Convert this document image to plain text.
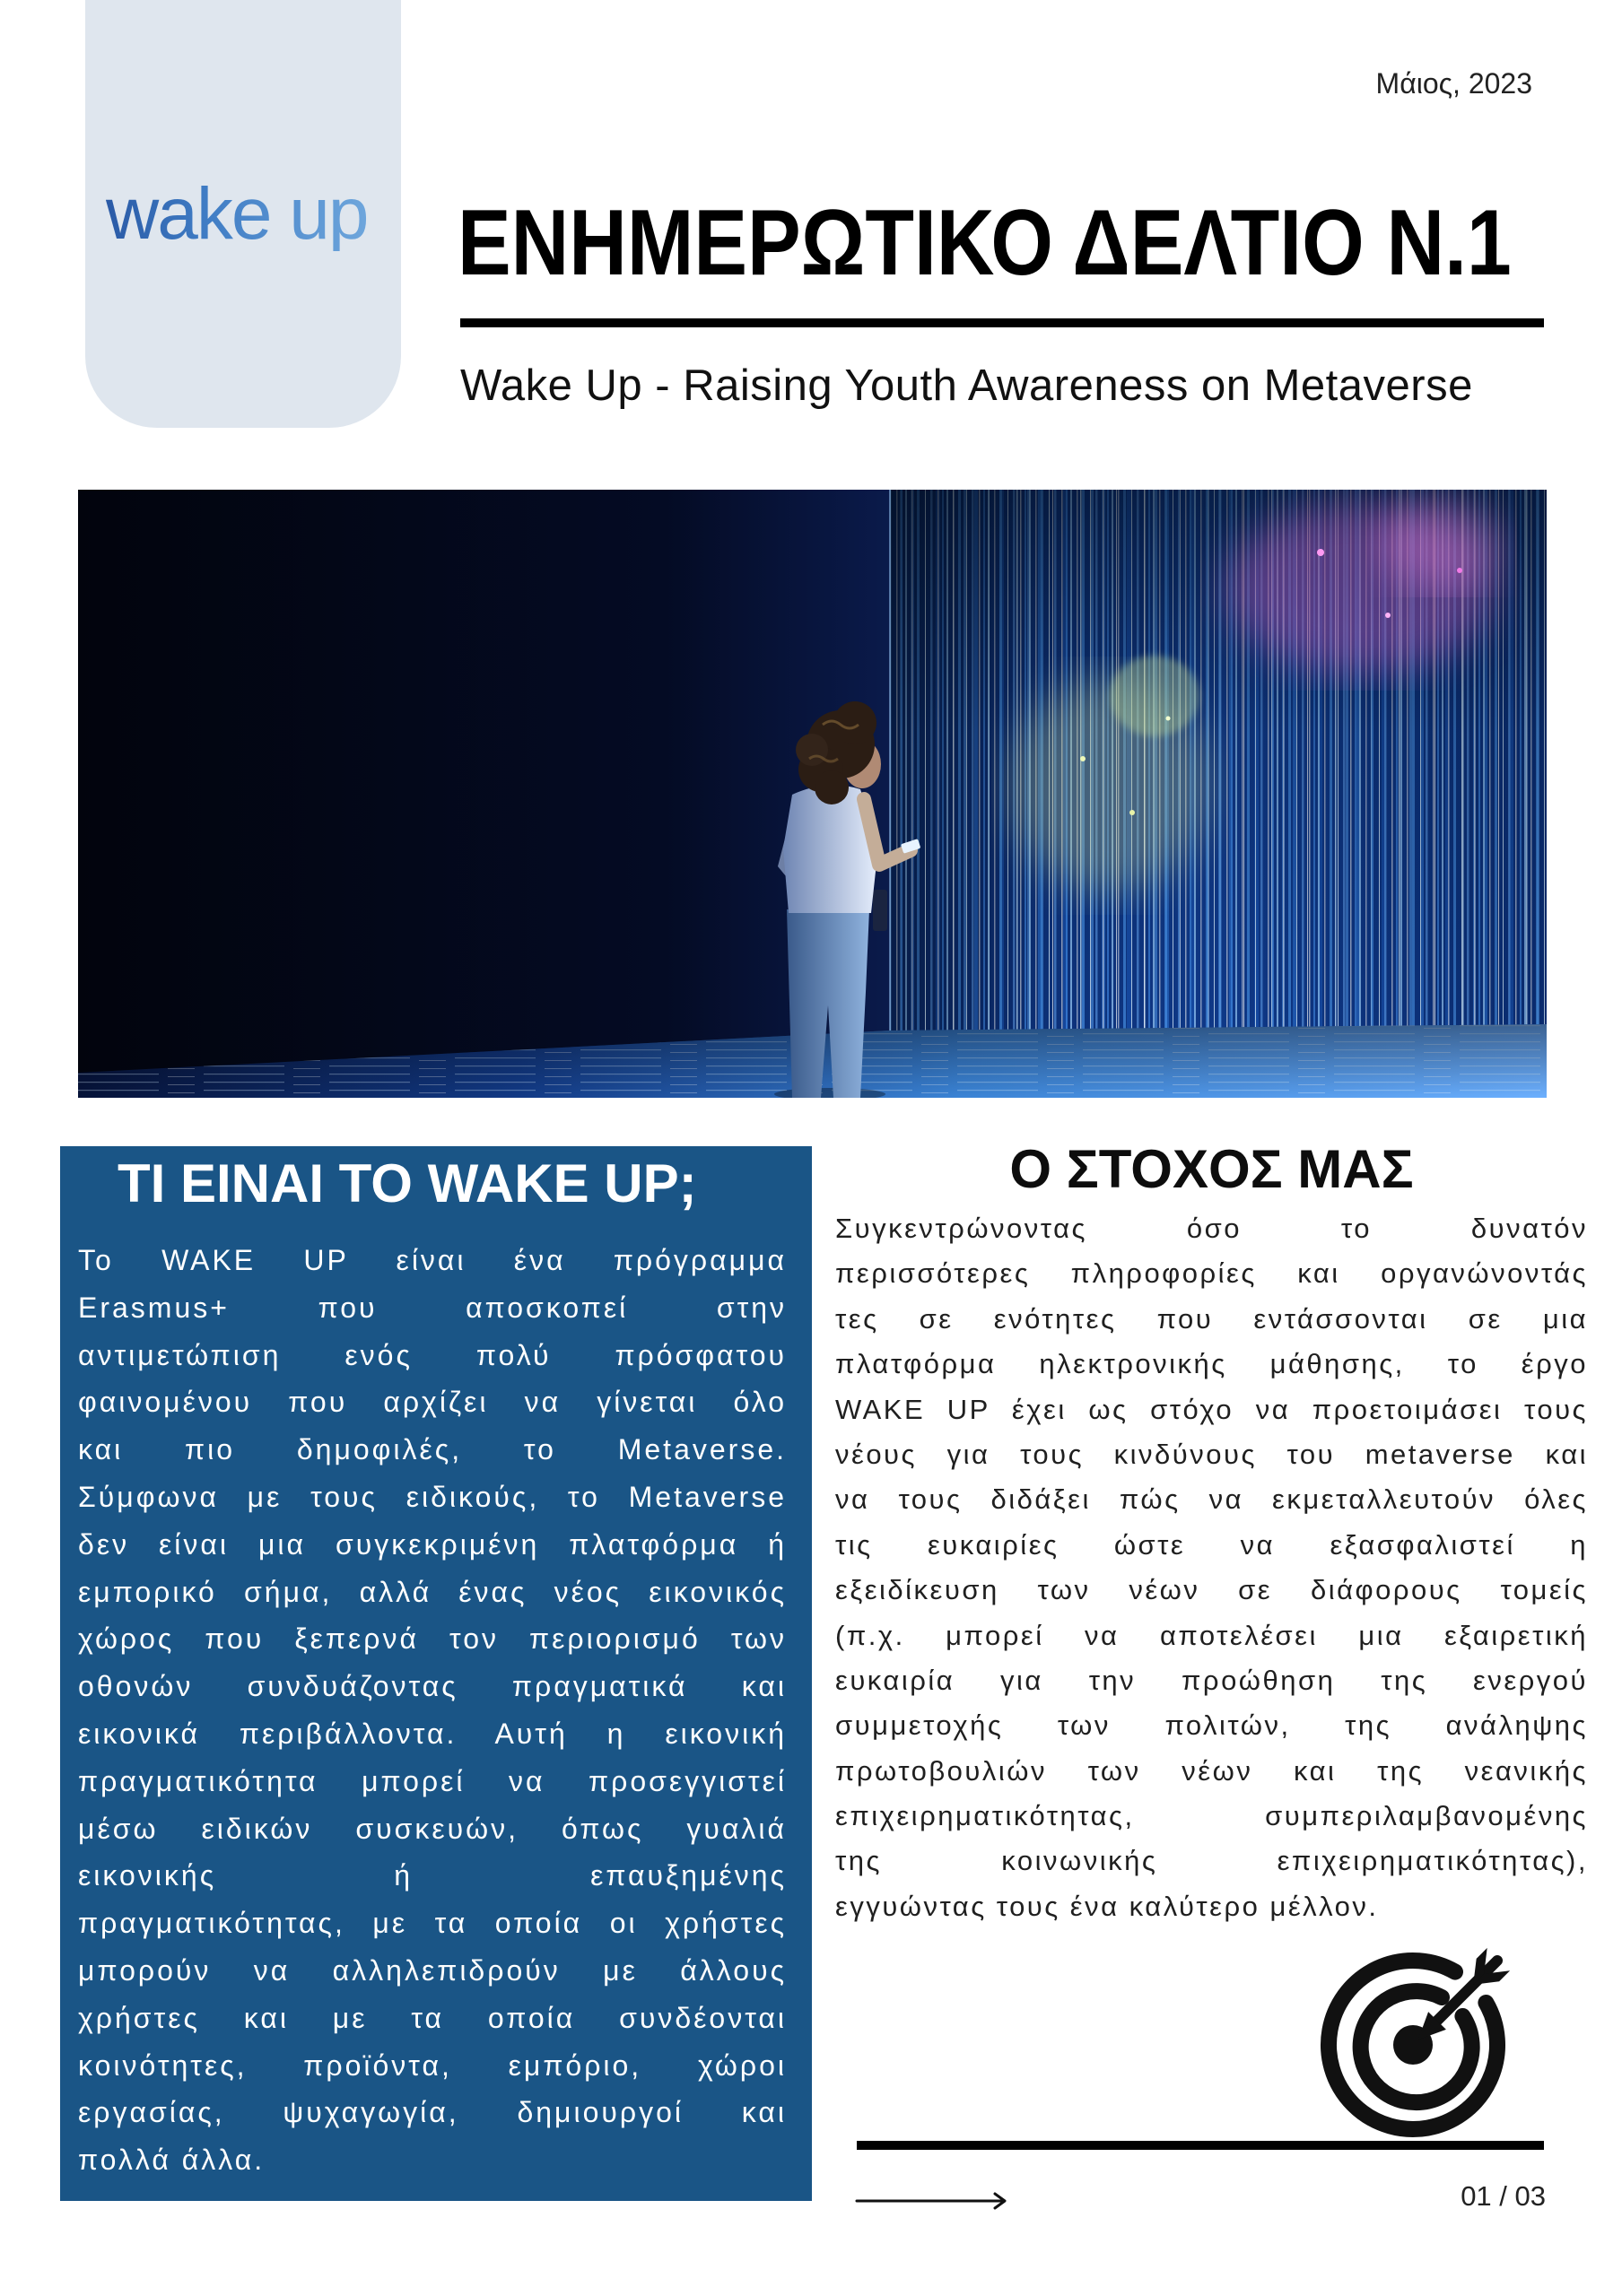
wake up
Μάιος, 2023
ΕΝΗΜΕΡΩΤΙΚΟ ΔΕΛΤΙΟ Ν.1
Wake Up - Raising Youth Awareness on Metaverse
ΤΙ ΕΙΝΑΙ ΤΟ WAKE UP;
Το WAKE UP είναι ένα πρόγραμμα
Erasmus+ που αποσκοπεί στην
αντιμετώπιση ενός πολύ πρόσφατου
φαινομένου που αρχίζει να γίνεται όλο
και πιο δημοφιλές, το Metaverse.
Σύμφωνα με τους ειδικούς, το Metaverse
δεν είναι μια συγκεκριμένη πλατφόρμα ή
εμπορικό σήμα, αλλά ένας νέος εικονικός
χώρος που ξεπερνά τον περιορισμό των
οθονών συνδυάζοντας πραγματικά και
εικονικά περιβάλλοντα. Αυτή η εικονική
πραγματικότητα μπορεί να προσεγγιστεί
μέσω ειδικών συσκευών, όπως γυαλιά
εικονικής ή επαυξημένης
πραγματικότητας, με τα οποία οι χρήστες
μπορούν να αλληλεπιδρούν με άλλους
χρήστες και με τα οποία συνδέονται
κοινότητες, προϊόντα, εμπόριο, χώροι
εργασίας, ψυχαγωγία, δημιουργοί και
πολλά άλλα.
Ο ΣΤΟΧΟΣ ΜΑΣ
Συγκεντρώνοντας όσο το δυνατόν
περισσότερες πληροφορίες και οργανώνοντάς
τες σε ενότητες που εντάσσονται σε μια
πλατφόρμα ηλεκτρονικής μάθησης, το έργο
WAKE UP έχει ως στόχο να προετοιμάσει τους
νέους για τους κινδύνους του metaverse και
να τους διδάξει πώς να εκμεταλλευτούν όλες
τις ευκαιρίες ώστε να εξασφαλιστεί η
εξειδίκευση των νέων σε διάφορους τομείς
(π.χ. μπορεί να αποτελέσει μια εξαιρετική
ευκαιρία για την προώθηση της ενεργού
συμμετοχής των πολιτών, της ανάληψης
πρωτοβουλιών των νέων και της νεανικής
επιχειρηματικότητας, συμπεριλαμβανομένης
της κοινωνικής επιχειρηματικότητας),
εγγυώντας τους ένα καλύτερο μέλλον.
01 / 03
